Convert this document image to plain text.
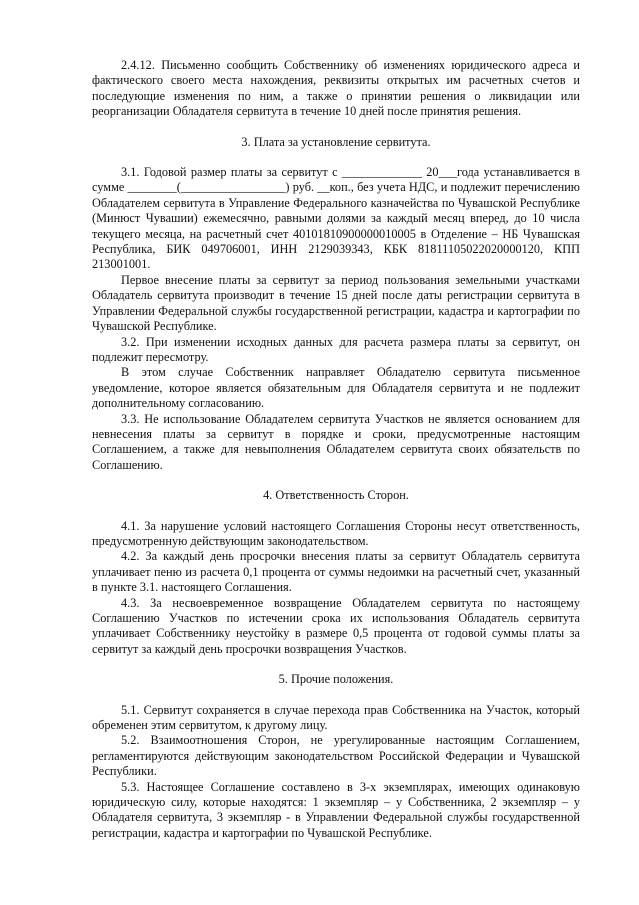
2.4.12. Письменно сообщить Собственнику об изменениях юридического адреса и фактического своего места нахождения, реквизиты открытых им расчетных счетов и последующие изменения по ним, а также о принятии решения о ликвидации или реорганизации Обладателя сервитута в течение 10 дней после принятия решения.

3. Плата за установление сервитута.

3.1. Годовой размер платы за сервитут с _____________ 20___года устанавливается в сумме ________(_________________) руб. __коп., без учета НДС, и подлежит перечислению Обладателем сервитута в Управление Федерального казначейства по Чувашской Республике (Минюст Чувашии) ежемесячно, равными долями за каждый месяц вперед, до 10 числа текущего месяца, на расчетный счет 40101810900000010005 в Отделение – НБ Чувашская Республика, БИК 049706001, ИНН 2129039343, КБК 81811105022020000120, КПП 213001001.

Первое внесение платы за сервитут за период пользования земельными участками Обладатель сервитута производит в течение 15 дней после даты регистрации сервитута в Управлении Федеральной службы государственной регистрации, кадастра и картографии по Чувашской Республике.

3.2. При изменении исходных данных для расчета размера платы за сервитут, он подлежит пересмотру.

В этом случае Собственник направляет Обладателю сервитута письменное уведомление, которое является обязательным для Обладателя сервитута и не подлежит дополнительному согласованию.

3.3. Не использование Обладателем сервитута Участков не является основанием для невнесения платы за сервитут в порядке и сроки, предусмотренные настоящим Соглашением, а также для невыполнения Обладателем сервитута своих обязательств по Соглашению.

4. Ответственность Сторон.

4.1. За нарушение условий настоящего Соглашения Стороны несут ответственность, предусмотренную действующим законодательством.

4.2. За каждый день просрочки внесения платы за сервитут Обладатель сервитута уплачивает пеню из расчета 0,1 процента от суммы недоимки на расчетный счет, указанный в пункте 3.1. настоящего Соглашения.

4.3. За несвоевременное возвращение Обладателем сервитута по настоящему Соглашению Участков по истечении срока их использования Обладатель сервитута уплачивает Собственнику неустойку в размере 0,5 процента от годовой суммы платы за сервитут за каждый день просрочки возвращения Участков.

5. Прочие положения.

5.1. Сервитут сохраняется в случае перехода прав Собственника на Участок, который обременен этим сервитутом, к другому лицу.

5.2. Взаимоотношения Сторон, не урегулированные настоящим Соглашением, регламентируются действующим законодательством Российской Федерации и Чувашской Республики.

5.3. Настоящее Соглашение составлено в 3-х экземплярах, имеющих одинаковую юридическую силу, которые находятся: 1 экземпляр – у Собственника, 2 экземпляр – у Обладателя сервитута, 3 экземпляр - в Управлении Федеральной службы государственной регистрации, кадастра и картографии по Чувашской Республике.
